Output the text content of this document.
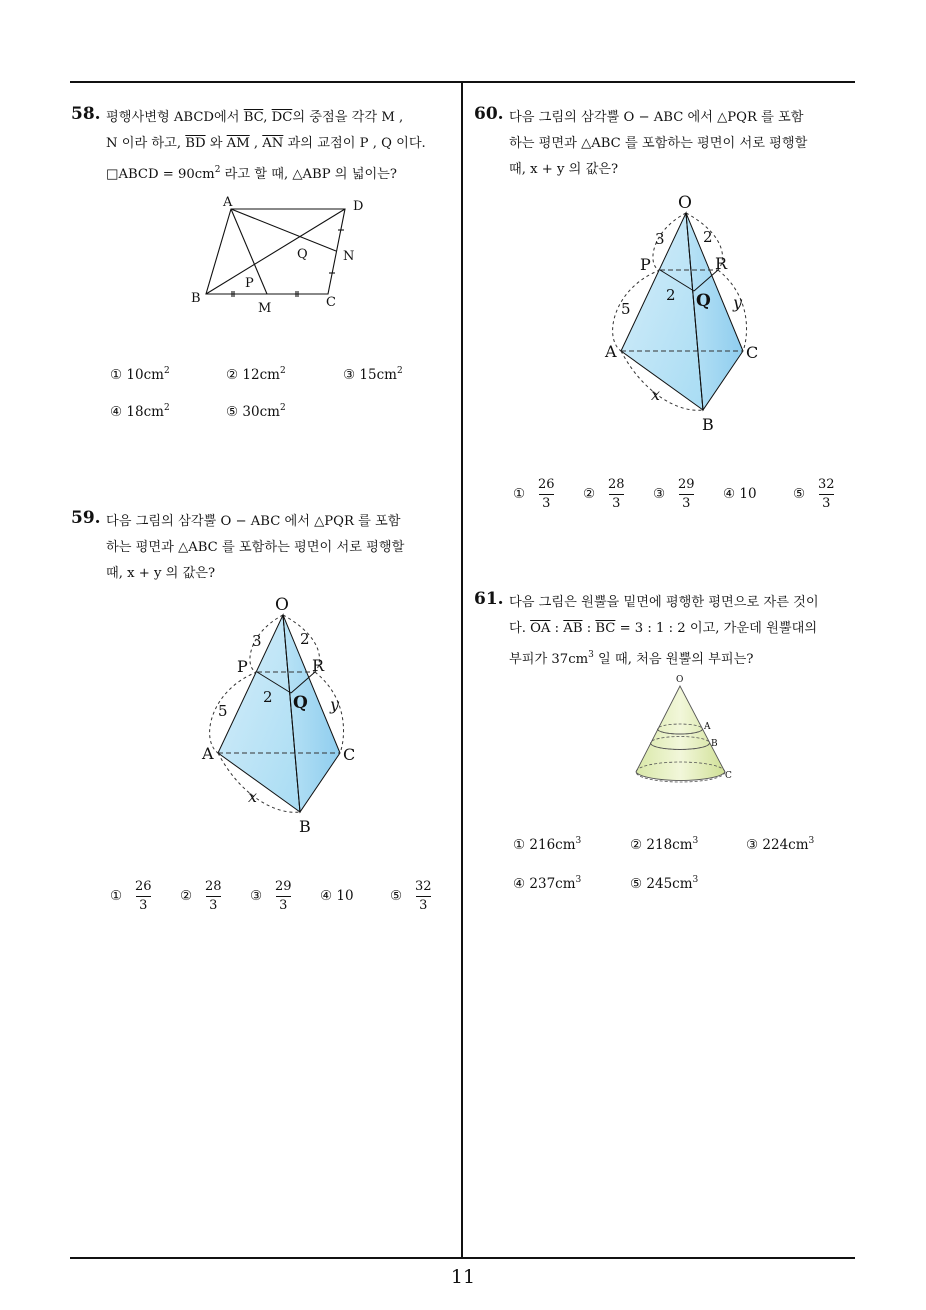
11
58. 평행사변형 ABCD에서 $\overline{BC}$, $\overline{DC}$의 중점을 각각 M ,
N 이라 하고, $\overline{BD}$ 와 $\overline{AM}$ , $\overline{AN}$ 과의 교점이 P , Q 이다.
□ABCD = $90cm^2$ 라고 할 때, △ABP 의 넓이는?
A	D
B	C
M
N
P
Q
① $10cm^2$	② $12cm^2$	③ $15cm^2$
④ $18cm^2$	⑤ $30cm^2$
59. 다음 그림의 삼각뿔 O − ABC 에서 △PQR 를 포함
하는 평면과 △ABC 를 포함하는 평면이 서로 평행할
때, x + y 의 값은?
O
3	2
P	R
2 Q
5	y
A	C
x
B
①
26
3
②
28
3
③
29
3
④ 10	⑤
32
3
60. 다음 그림의 삼각뿔 O − ABC 에서 △PQR 를 포함
하는 평면과 △ABC 를 포함하는 평면이 서로 평행할
때, x + y 의 값은?
O
3	2
P	R
2 Q
5	y
A	C
x
B
①
26
3
②
28
3
③
29
3
④ 10	⑤
32
3
61. 다음 그림은 원뿔을 밑면에 평행한 평면으로 자른 것이
다. $\overline{OA}$ : $\overline{AB}$ : $\overline{BC} = 3$ : 1 : 2 이고, 가운데 원뿔대의
부피가 $37cm^3$ 일 때, 처음 원뿔의 부피는?
O
A
B
C
① $216cm^3$	② $218cm^3$	③ $224cm^3$
④ $237cm^3$	⑤ $245cm^3$
